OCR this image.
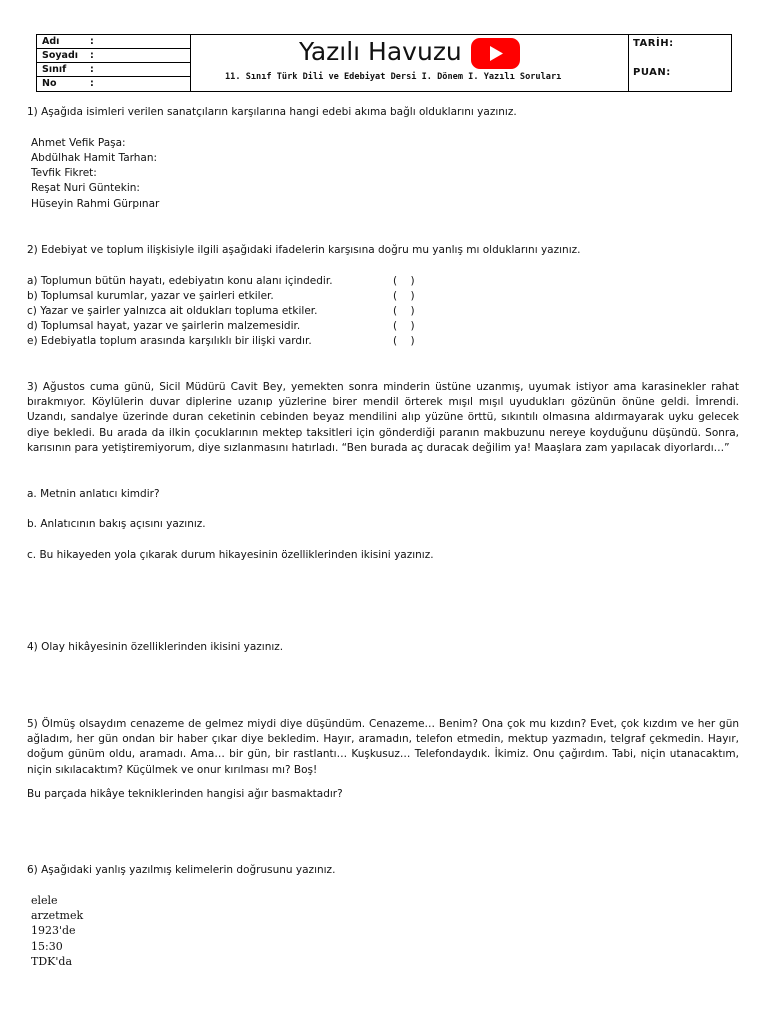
Adı	:
Soyadı :
Sınıf :
No	:
Yazılı Havuzu
11. Sınıf Türk Dili ve Edebiyat Dersi I. Dönem I. Yazılı Soruları
TARİH:
PUAN:
1) Aşağıda isimleri verilen sanatçıların karşılarına hangi edebi akıma bağlı olduklarını yazınız.
Ahmet Vefik Paşa:
Abdülhak Hamit Tarhan:
Tevfik Fikret:
Reşat Nuri Güntekin:
Hüseyin Rahmi Gürpınar
2) Edebiyat ve toplum ilişkisiyle ilgili aşağıdaki ifadelerin karşısına doğru mu yanlış mı olduklarını yazınız.
a) Toplumun bütün hayatı, edebiyatın konu alanı içindedir.	(    )
b) Toplumsal kurumlar, yazar ve şairleri etkiler.	(    )
c) Yazar ve şairler yalnızca ait oldukları topluma etkiler.	(    )
d) Toplumsal hayat, yazar ve şairlerin malzemesidir.	(    )
e) Edebiyatla toplum arasında karşılıklı bir ilişki vardır.	(    )
3) Ağustos cuma günü, Sicil Müdürü Cavit Bey, yemekten sonra minderin üstüne uzanmış, uyumak istiyor ama karasinekler rahat bırakmıyor. Köylülerin duvar diplerine uzanıp yüzlerine birer mendil örterek mışıl mışıl uyudukları gözünün önüne geldi. İmrendi. Uzandı, sandalye üzerinde duran ceketinin cebinden beyaz mendilini alıp yüzüne örttü, sıkıntılı olmasına aldırmayarak uyku gelecek diye bekledi. Bu arada da ilkin çocuklarının mektep taksitleri için gönderdiği paranın makbuzunu nereye koyduğunu düşündü. Sonra, karısının para yetiştiremiyorum, diye sızlanmasını hatırladı. “Ben burada aç duracak değilim ya! Maaşlara zam yapılacak diyorlardı…”
a. Metnin anlatıcı kimdir?
b. Anlatıcının bakış açısını yazınız.
c. Bu hikayeden yola çıkarak durum hikayesinin özelliklerinden ikisini yazınız.
4) Olay hikâyesinin özelliklerinden ikisini yazınız.
5) Ölmüş olsaydım cenazeme de gelmez miydi diye düşündüm. Cenazeme… Benim? Ona çok mu kızdın? Evet, çok kızdım ve her gün ağladım, her gün ondan bir haber çıkar diye bekledim. Hayır, aramadın, telefon etmedin, mektup yazmadın, telgraf çekmedin. Hayır, doğum günüm oldu, aramadı. Ama… bir gün, bir rastlantı… Kuşkusuz… Telefondaydık. İkimiz. Onu çağırdım. Tabi, niçin utanacaktım, niçin sıkılacaktım? Küçülmek ve onur kırılması mı? Boş!
Bu parçada hikâye tekniklerinden hangisi ağır basmaktadır?
6) Aşağıdaki yanlış yazılmış kelimelerin doğrusunu yazınız.
elele
arzetmek
1923'de
15:30
TDK'da
